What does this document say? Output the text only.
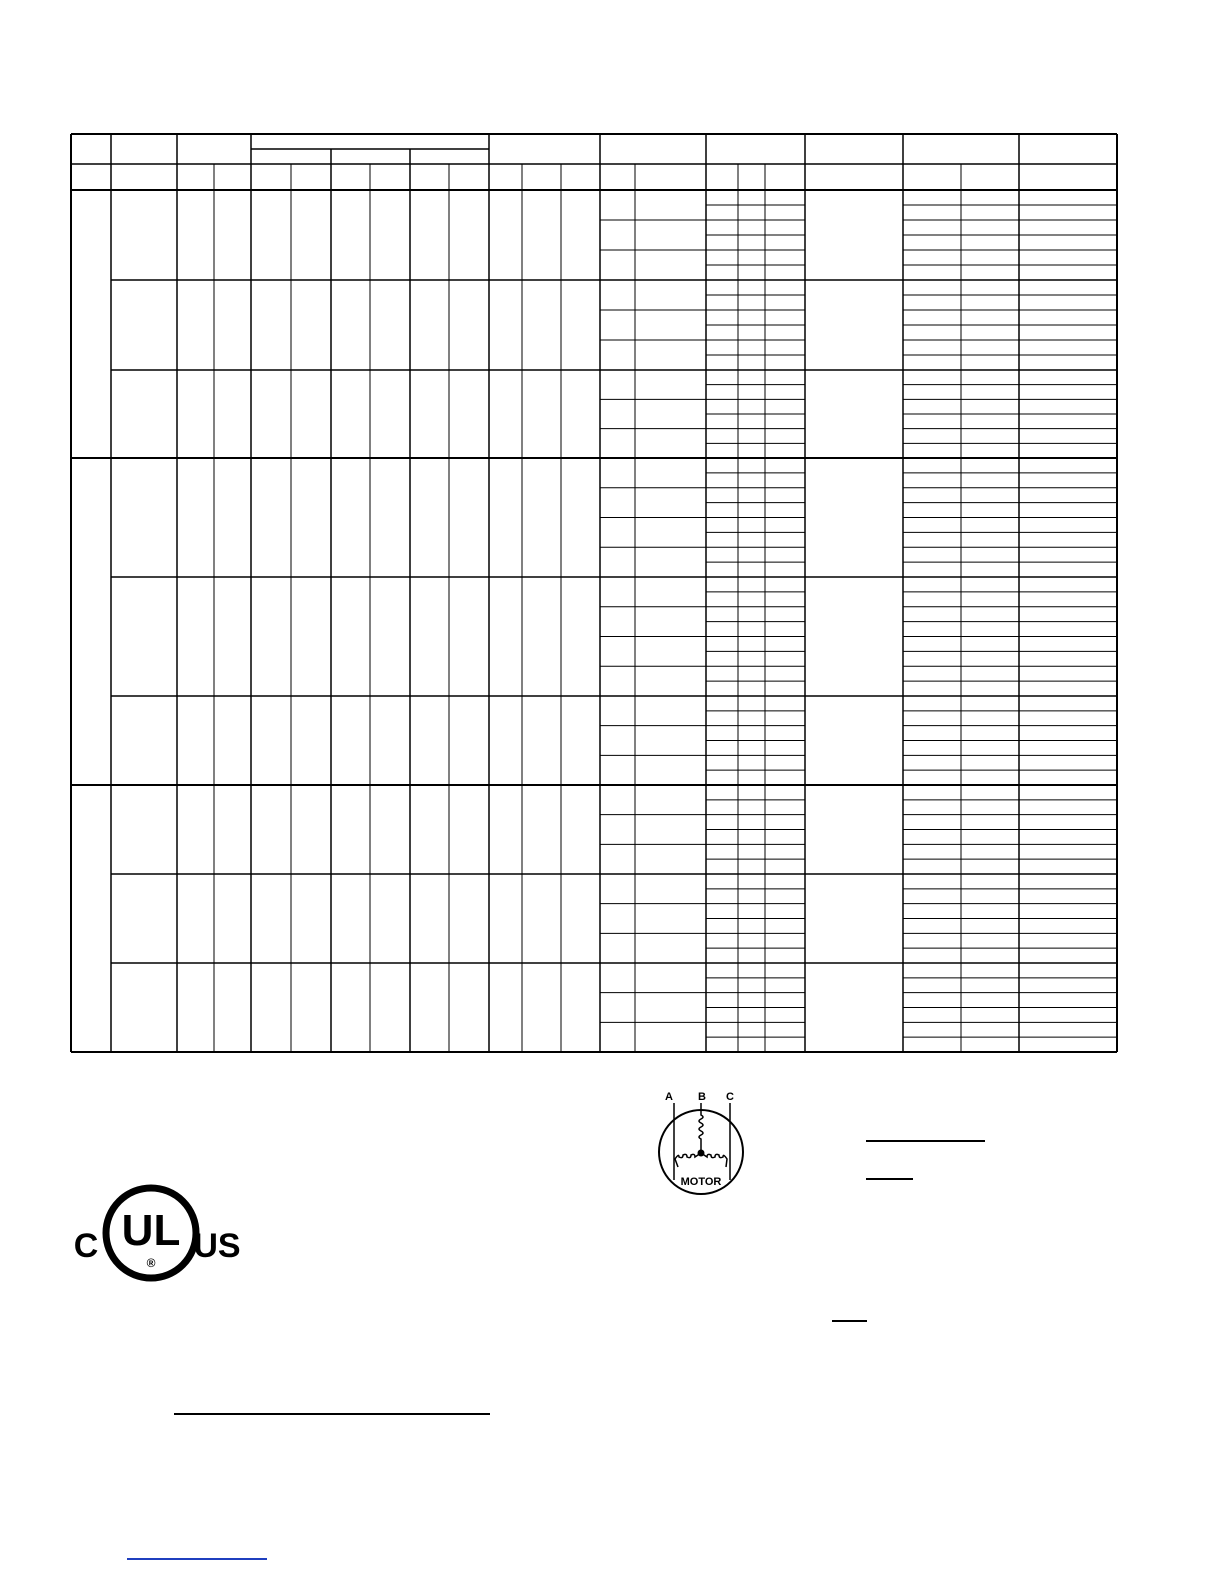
A B C
MOTOR
C UL
® US
